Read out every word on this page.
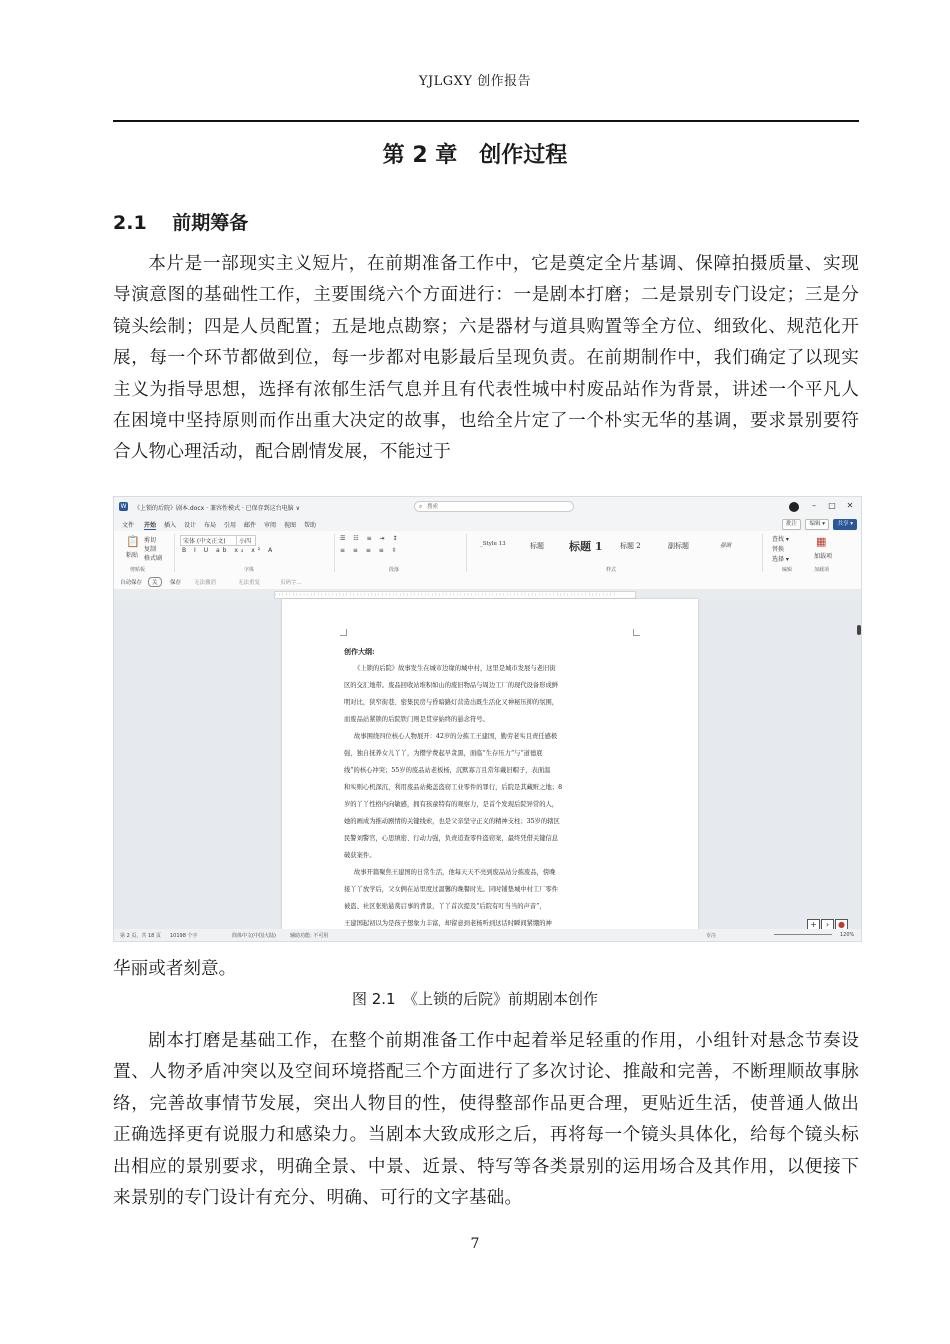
YJLGXY 创作报告
第 2 章　创作过程
2.1　 前期筹备

本片是一部现实主义短片，在前期准备工作中，它是奠定全片基调、保障拍摄质量、实现导演意图的基础性工作，主要围绕六个方面进行：一是剧本打磨；二是景别专门设定；三是分镜头绘制；四是人员配置；五是地点勘察；六是器材与道具购置等全方位、细致化、规范化开展，每一个环节都做到位，每一步都对电影最后呈现负责。在前期制作中，我们确定了以现实主义为指导思想，选择有浓郁生活气息并且有代表性城中村废品站作为背景，讲述一个平凡人在困境中坚持原则而作出重大决定的故事，也给全片定了一个朴实无华的基调，要求景别要符合人物心理活动，配合剧情发展，不能过于

W 《上锁的后院》剧本.docx · 兼容性模式 · 已保存到这台电脑 ∨	⌕ 搜索	–	□	✕
文件 开始 插入 设计 布局 引用 邮件 审阅 视图 帮助	批注	编辑 ▾	共享 ▾
📋
粘贴
剪切
复制
格式刷
剪贴板
宋体 (中文正文)	小四
B I U ab x₂ x² A
字体
☰ ☷ ≡ ⇥ ↕
≡ ≡ ≡ ≡ ⇳
段落
_Style 13	标题 标题 1	标题 2	副标题	强调
样式
查找 ▾
替换
选择 ▾
编辑
▦
加载项
加载项
自动保存	关	保存 无法撤消	无法重复	页码字...
| | | | | | | | | | | | | | | | | | | | | | | | | | | | | | | | | | | | | | | | | | | | | | | | | | | | | | | | | | | | | | | | | | | | | | | | | | | | | | | | | | | | | | | | | | | | | | | |
创作大纲:
《上锁的后院》故事发生在城市边缘的城中村，这里是城市发展与老旧街
区的交汇地带。废品回收站堆积如山的废旧物品与周边工厂的现代设备形成鲜
明对比，狭窄街巷、密集民房与昏暗路灯营造出既生活化又神秘压抑的氛围，
而废品站紧锁的后院铁门则是贯穿始终的悬念符号。
故事围绕四位核心人物展开：42岁的分拣工王建国，勤劳老实且责任感极
强，独自抚养女儿丫丫，为攒学费起早贪黑，面临“生存压力”与“道德底
线”的核心冲突；55岁的废品站老板杨，沉默寡言且常年戴旧帽子，表面温
和实则心机深沉，利用废品站掩盖盗窃工业零件的罪行，后院是其藏赃之地；8
岁的丫丫性格内向敏感，拥有孩童特有的观察力，是首个发现后院异常的人，
她的画成为推动剧情的关键线索，也是父亲坚守正义的精神支柱；35岁的辖区
民警刘警官，心思缜密、行动力强，负责追查零件盗窃案，最终凭借关键信息
破获案件。
故事开篇聚焦王建国的日常生活，他每天天不亮到废品站分拣废品，傍晚
接丫丫放学后，父女俩在站里度过温馨的晚餐时光。同时铺垫城中村工厂零件
被盗、社区张贴悬赏启事的背景，丫丫首次提及“后院有叮当当的声音”，
王建国起初以为是孩子想象力丰富，却留意到老杨听到这话时瞬间紧绷的神	+ › ●
第 2 页，共 18 页 10198 个字	简体中文(中国大陆)	辅助功能: 不可用	专注	120%
华丽或者刻意。
图 2.1　《上锁的后院》前期剧本创作

剧本打磨是基础工作，在整个前期准备工作中起着举足轻重的作用，小组针对悬念节奏设置、人物矛盾冲突以及空间环境搭配三个方面进行了多次讨论、推敲和完善，不断理顺故事脉络，完善故事情节发展，突出人物目的性，使得整部作品更合理，更贴近生活，使普通人做出正确选择更有说服力和感染力。当剧本大致成形之后，再将每一个镜头具体化，给每个镜头标出相应的景别要求，明确全景、中景、近景、特写等各类景别的运用场合及其作用，以便接下来景别的专门设计有充分、明确、可行的文字基础。

7
